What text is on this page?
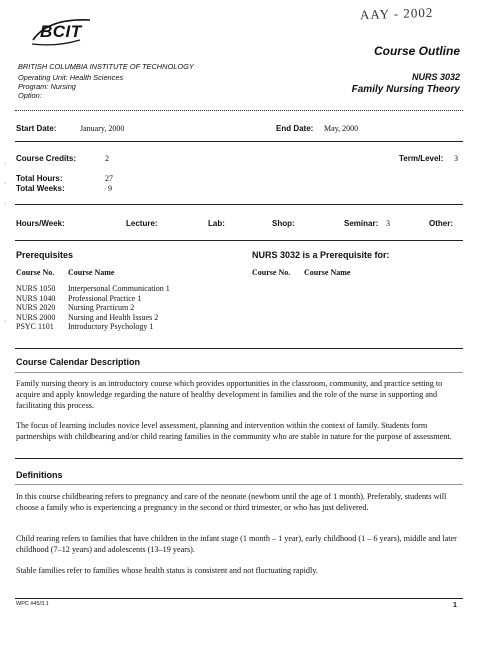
AAY - 2002
BCIT
Course Outline
BRITISH COLUMBIA INSTITUTE OF TECHNOLOGY
Operating Unit: Health Sciences
Program: Nursing
Option:
NURS 3032
Family Nursing Theory
Start Date:	January, 2000	End Date: May, 2000
Course Credits:	2	Term/Level: 3
Total Hours:	27
Total Weeks:	9
Hours/Week:	Lecture:	Lab:	Shop:	Seminar: 3	Other:
Prerequisites	NURS 3032 is a Prerequisite for:
Course No. Course Name	Course No. Course Name
NURS 1050 Interpersonal Communication 1
NURS 1040 Professional Practice 1
NURS 2020 Nursing Practicum 2
NURS 2000 Nursing and Health Issues 2
PSYC 1101 Introductory Psychology 1
Course Calendar Description
Family nursing theory is an introductory course which provides opportunities in the classroom, community, and practice setting to acquire and apply knowledge regarding the nature of healthy development in families and the role of the nurse in supporting and facilitating this process.
The focus of learning includes novice level assessment, planning and intervention within the context of family. Students form partnerships with childbearing and/or child rearing families in the community who are stable in nature for the purpose of assessment.
Definitions
In this course childbearing refers to pregnancy and care of the neonate (newborn until the age of 1 month). Preferably, students will choose a family who is experiencing a pregnancy in the second or third trimester, or who has just delivered.
Child rearing refers to families that have children in the infant stage (1 month – 1 year), early childhood (1 – 6 years), middle and later childhood (7–12 years) and adolescents (13–19 years).
Stable families refer to families whose health status is consistent and not fluctuating rapidly.
WPC #45/3.1	1
·
·
·
·
